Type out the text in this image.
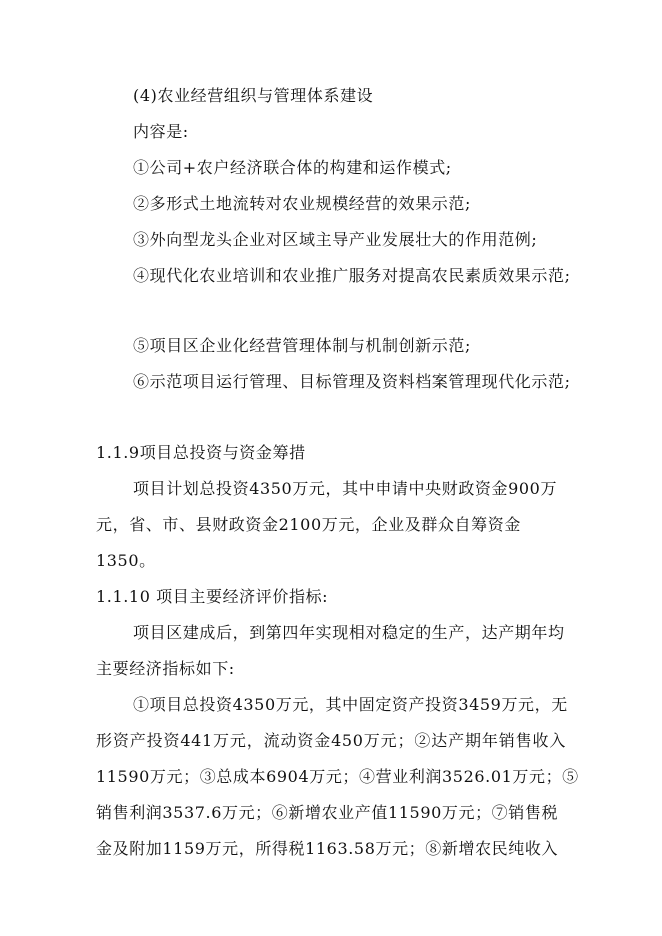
(4)农业经营组织与管理体系建设
内容是:
①公司+农户经济联合体的构建和运作模式;
②多形式土地流转对农业规模经营的效果示范;
③外向型龙头企业对区域主导产业发展壮大的作用范例;
④现代化农业培训和农业推广服务对提高农民素质效果示范;
⑤项目区企业化经营管理体制与机制创新示范;
⑥示范项目运行管理、目标管理及资料档案管理现代化示范;
1.1.9项目总投资与资金筹措
项目计划总投资4350万元，其中申请中央财政资金900万
元，省、市、县财政资金2100万元，企业及群众自筹资金
1350。
1.1.10 项目主要经济评价指标:
项目区建成后，到第四年实现相对稳定的生产，达产期年均
主要经济指标如下:
①项目总投资4350万元，其中固定资产投资3459万元，无
形资产投资441万元，流动资金450万元；②达产期年销售收入
11590万元；③总成本6904万元；④营业利润3526.01万元；⑤
销售利润3537.6万元；⑥新增农业产值11590万元；⑦销售税
金及附加1159万元，所得税1163.58万元；⑧新增农民纯收入
